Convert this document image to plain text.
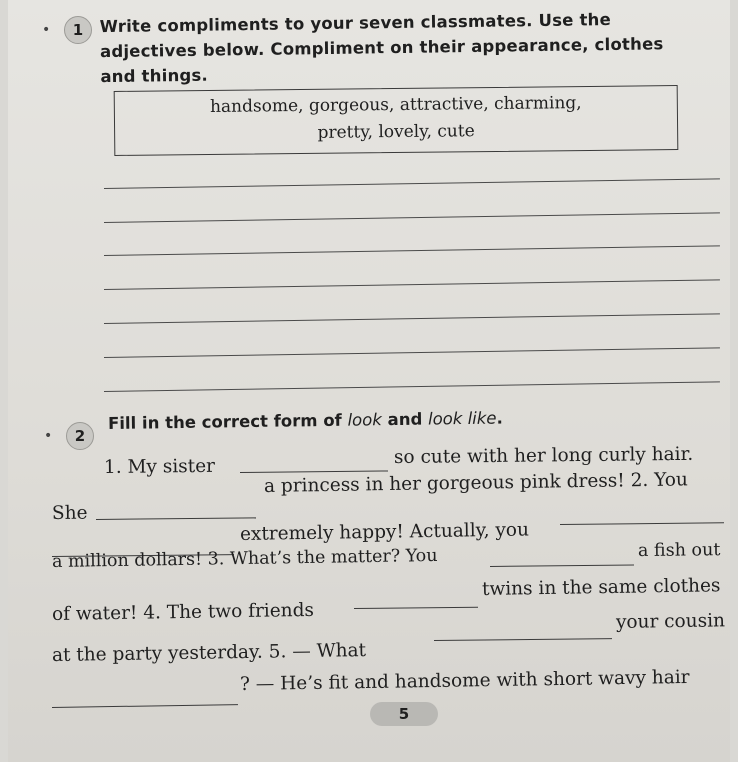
•	1 Write compliments to your seven classmates. Use the
adjectives below. Compliment on their appearance, clothes
and things.
handsome, gorgeous, attractive, charming,
pretty, lovely, cute
•	2
Fill in the correct form of look and look like.
1. My sister	so cute with her long curly hair.
She
a princess in her gorgeous pink dress! 2. You
extremely happy! Actually, you
a million dollars! 3. What’s the matter? You	a fish out
of water! 4. The two friends
twins in the same clothes
at the party yesterday. 5. — What
your cousin
? — He’s fit and handsome with short wavy hair
5
